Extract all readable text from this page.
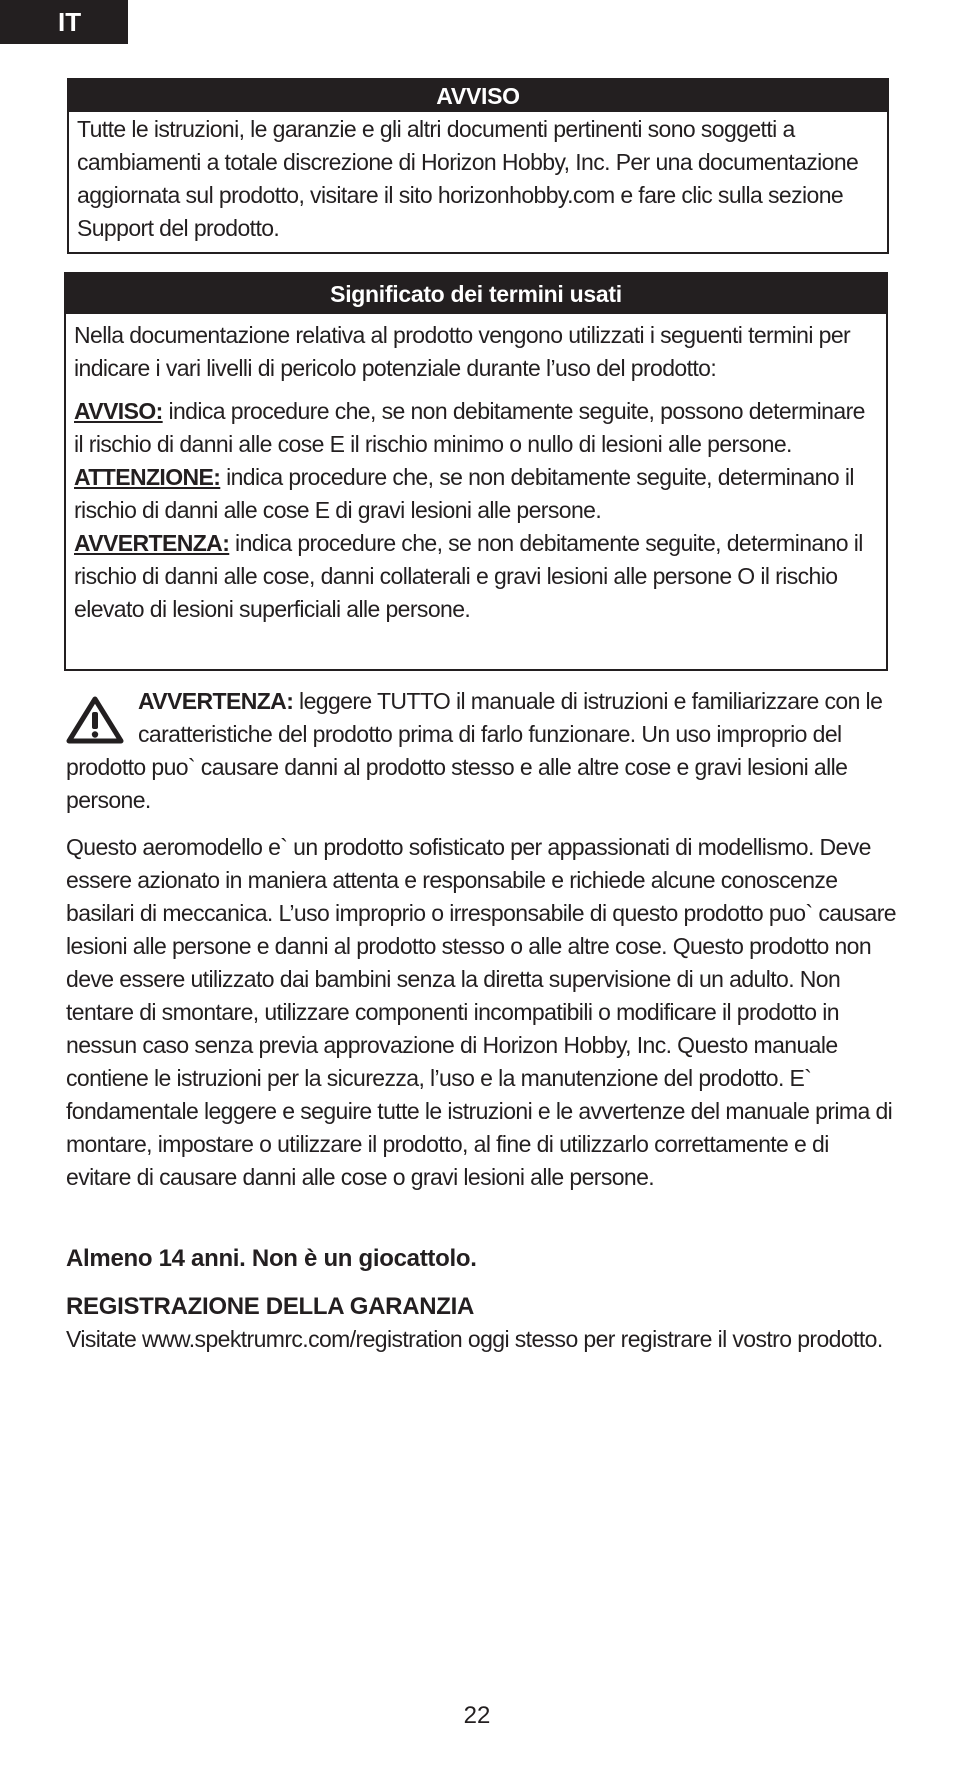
IT
AVVISO

Tutte le istruzioni, le garanzie e gli altri documenti pertinenti sono soggetti a cambiamenti a totale discrezione di Horizon Hobby, Inc. Per una documentazione aggiornata sul prodotto, visitare il sito horizonhobby.com e fare clic sulla sezione Support del prodotto.

Significato dei termini usati

Nella documentazione relativa al prodotto vengono utilizzati i seguenti termini per indicare i vari livelli di pericolo potenziale durante l’uso del prodotto:

AVVISO: indica procedure che, se non debitamente seguite, possono determinare il rischio di danni alle cose E il rischio minimo o nullo di lesioni alle persone.

ATTENZIONE: indica procedure che, se non debitamente seguite, determinano il rischio di danni alle cose E di gravi lesioni alle persone.

AVVERTENZA: indica procedure che, se non debitamente seguite, determinano il rischio di danni alle cose, danni collaterali e gravi lesioni alle persone O il rischio elevato di lesioni superficiali alle persone.

AVVERTENZA: leggere TUTTO il manuale di istruzioni e familiarizzare con le caratteristiche del prodotto prima di farlo funzionare. Un uso improprio del prodotto puo` causare danni al prodotto stesso e alle altre cose e gravi lesioni alle persone.
Questo aeromodello e` un prodotto sofisticato per appassionati di modellismo. Deve essere azionato in maniera attenta e responsabile e richiede alcune conoscenze basilari di meccanica. L’uso improprio o irresponsabile di questo prodotto puo` causare lesioni alle persone e danni al prodotto stesso o alle altre cose. Questo prodotto non deve essere utilizzato dai bambini senza la diretta supervisione di un adulto. Non tentare di smontare, utilizzare componenti incompatibili o modificare il prodotto in nessun caso senza previa approvazione di Horizon Hobby, Inc. Questo manuale contiene le istruzioni per la sicurezza, l’uso e la manutenzione del prodotto. E` fondamentale leggere e seguire tutte le istruzioni e le avvertenze del manuale prima di montare, impostare o utilizzare il prodotto, al fine di utilizzarlo correttamente e di evitare di causare danni alle cose o gravi lesioni alle persone.
Almeno 14 anni. Non è un giocattolo.
REGISTRAZIONE DELLA GARANZIA
Visitate www.spektrumrc.com/registration oggi stesso per registrare il vostro prodotto.
22
